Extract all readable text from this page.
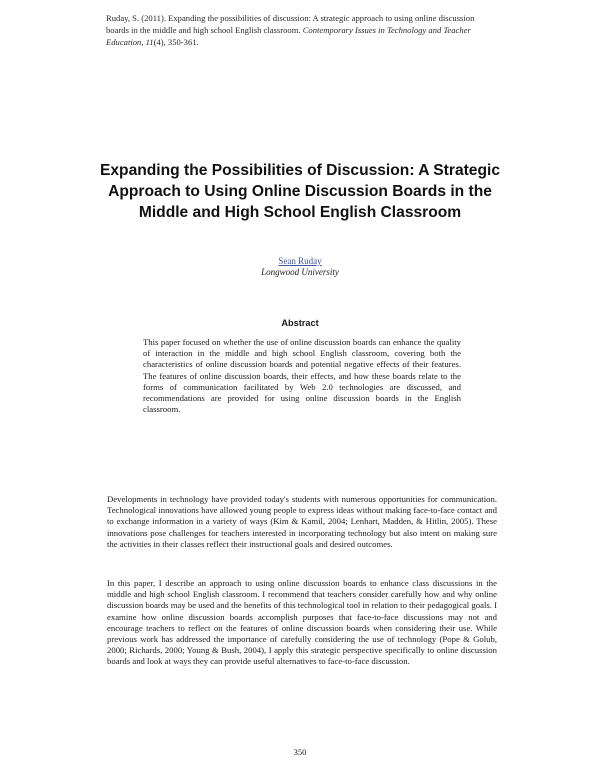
Ruday, S. (2011). Expanding the possibilities of discussion: A strategic approach to using online discussion boards in the middle and high school English classroom. Contemporary Issues in Technology and Teacher Education, 11(4), 350-361.
Expanding the Possibilities of Discussion: A Strategic Approach to Using Online Discussion Boards in the Middle and High School English Classroom
Sean Ruday
Longwood University
Abstract
This paper focused on whether the use of online discussion boards can enhance the quality of interaction in the middle and high school English classroom, covering both the characteristics of online discussion boards and potential negative effects of their features. The features of online discussion boards, their effects, and how these boards relate to the forms of communication facilitated by Web 2.0 technologies are discussed, and recommendations are provided for using online discussion boards in the English classroom.
Developments in technology have provided today's students with numerous opportunities for communication. Technological innovations have allowed young people to express ideas without making face-to-face contact and to exchange information in a variety of ways (Kim & Kamil, 2004; Lenhart, Madden, & Hitlin, 2005). These innovations pose challenges for teachers interested in incorporating technology but also intent on making sure the activities in their classes reflect their instructional goals and desired outcomes.
In this paper, I describe an approach to using online discussion boards to enhance class discussions in the middle and high school English classroom. I recommend that teachers consider carefully how and why online discussion boards may be used and the benefits of this technological tool in relation to their pedagogical goals. I examine how online discussion boards accomplish purposes that face-to-face discussions may not and encourage teachers to reflect on the features of online discussion boards when considering their use. While previous work has addressed the importance of carefully considering the use of technology (Pope & Golub, 2000; Richards, 2000; Young & Bush, 2004), I apply this strategic perspective specifically to online discussion boards and look at ways they can provide useful alternatives to face-to-face discussion.
350
